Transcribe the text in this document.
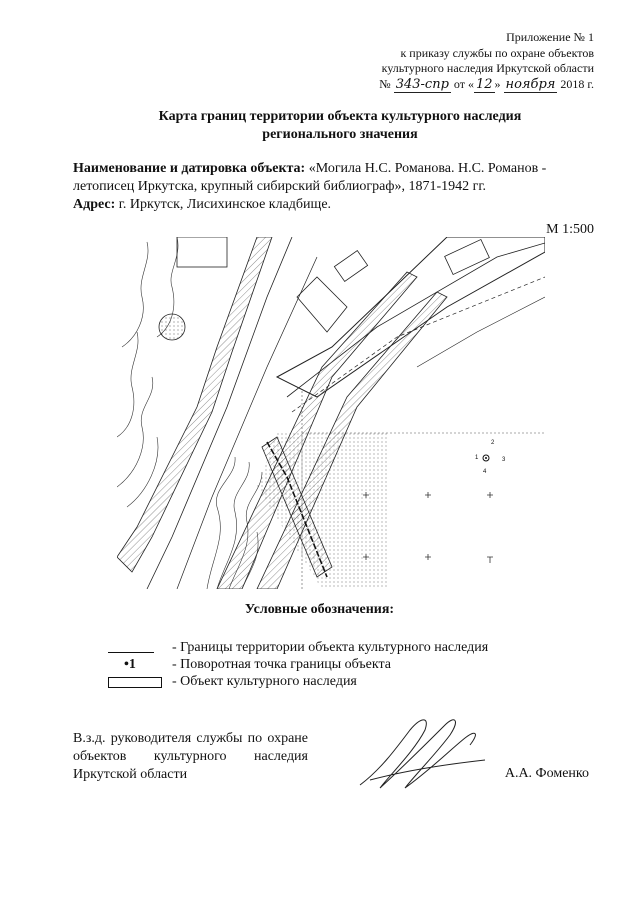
Приложение № 1
к приказу службы по охране объектов
культурного наследия Иркутской области
№ 343-спр от « 12 » ноября 2018 г.
Карта границ территории объекта культурного наследия
регионального значения
Наименование и датировка объекта: «Могила Н.С. Романова. Н.С. Романов - летописец Иркутска, крупный сибирский библиограф», 1871-1942 гг.
Адрес: г. Иркутск, Лисихинское кладбище.
М 1:500
1
2
3
4
Условные обозначения:
- Границы территории объекта культурного наследия
•1	- Поворотная точка границы объекта
- Объект культурного наследия
В.з.д. руководителя службы по охране объектов культурного наследия Иркутской области	А.А. Фоменко
